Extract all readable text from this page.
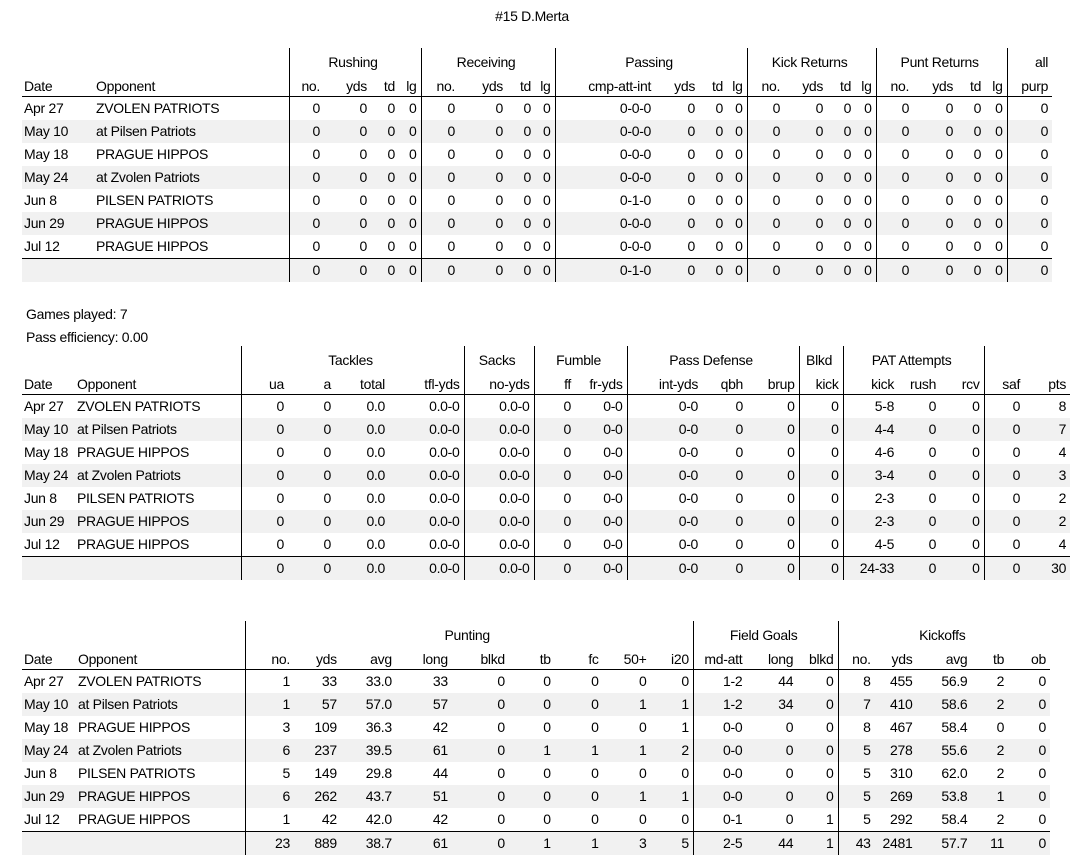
#15 D.Merta
		Rushing				Receiving				Passing				Kick Returns				Punt Returns				all
Date	Opponent	no.	yds	td	lg	no.	yds	td	lg	cmp-att-int	yds	td	lg	no.	yds	td	lg	no.	yds	td	lg	purp
Apr 27	ZVOLEN PATRIOTS	0	0	0	0	0	0	0	0	0-0-0	0	0	0	0	0	0	0	0	0	0	0	0
May 10	at Pilsen Patriots	0	0	0	0	0	0	0	0	0-0-0	0	0	0	0	0	0	0	0	0	0	0	0
May 18	PRAGUE HIPPOS	0	0	0	0	0	0	0	0	0-0-0	0	0	0	0	0	0	0	0	0	0	0	0
May 24	at Zvolen Patriots	0	0	0	0	0	0	0	0	0-0-0	0	0	0	0	0	0	0	0	0	0	0	0
Jun 8	PILSEN PATRIOTS	0	0	0	0	0	0	0	0	0-1-0	0	0	0	0	0	0	0	0	0	0	0	0
Jun 29	PRAGUE HIPPOS	0	0	0	0	0	0	0	0	0-0-0	0	0	0	0	0	0	0	0	0	0	0	0
Jul 12	PRAGUE HIPPOS	0	0	0	0	0	0	0	0	0-0-0	0	0	0	0	0	0	0	0	0	0	0	0
		0	0	0	0	0	0	0	0	0-1-0	0	0	0	0	0	0	0	0	0	0	0	0
Games played: 7
Pass efficiency: 0.00
		Tackles				Sacks	Fumble		Pass Defense			Blkd	PAT Attempts				
Date	Opponent	ua	a	total	tfl-yds	no-yds	ff	fr-yds	int-yds	qbh	brup	kick	kick	rush	rcv	saf	pts
Apr 27	ZVOLEN PATRIOTS	0	0	0.0	0.0-0	0.0-0	0	0-0	0-0	0	0	0	5-8	0	0	0	8
May 10	at Pilsen Patriots	0	0	0.0	0.0-0	0.0-0	0	0-0	0-0	0	0	0	4-4	0	0	0	7
May 18	PRAGUE HIPPOS	0	0	0.0	0.0-0	0.0-0	0	0-0	0-0	0	0	0	4-6	0	0	0	4
May 24	at Zvolen Patriots	0	0	0.0	0.0-0	0.0-0	0	0-0	0-0	0	0	0	3-4	0	0	0	3
Jun 8	PILSEN PATRIOTS	0	0	0.0	0.0-0	0.0-0	0	0-0	0-0	0	0	0	2-3	0	0	0	2
Jun 29	PRAGUE HIPPOS	0	0	0.0	0.0-0	0.0-0	0	0-0	0-0	0	0	0	2-3	0	0	0	2
Jul 12	PRAGUE HIPPOS	0	0	0.0	0.0-0	0.0-0	0	0-0	0-0	0	0	0	4-5	0	0	0	4
		0	0	0.0	0.0-0	0.0-0	0	0-0	0-0	0	0	0	24-33	0	0	0	30
		Punting									Field Goals			Kickoffs				
Date	Opponent	no.	yds	avg	long	blkd	tb	fc	50+	i20	md-att	long	blkd	no.	yds	avg	tb	ob
Apr 27	ZVOLEN PATRIOTS	1	33	33.0	33	0	0	0	0	0	1-2	44	0	8	455	56.9	2	0
May 10	at Pilsen Patriots	1	57	57.0	57	0	0	0	1	1	1-2	34	0	7	410	58.6	2	0
May 18	PRAGUE HIPPOS	3	109	36.3	42	0	0	0	0	1	0-0	0	0	8	467	58.4	0	0
May 24	at Zvolen Patriots	6	237	39.5	61	0	1	1	1	2	0-0	0	0	5	278	55.6	2	0
Jun 8	PILSEN PATRIOTS	5	149	29.8	44	0	0	0	0	0	0-0	0	0	5	310	62.0	2	0
Jun 29	PRAGUE HIPPOS	6	262	43.7	51	0	0	0	1	1	0-0	0	0	5	269	53.8	1	0
Jul 12	PRAGUE HIPPOS	1	42	42.0	42	0	0	0	0	0	0-1	0	1	5	292	58.4	2	0
		23	889	38.7	61	0	1	1	3	5	2-5	44	1	43	2481	57.7	11	0
